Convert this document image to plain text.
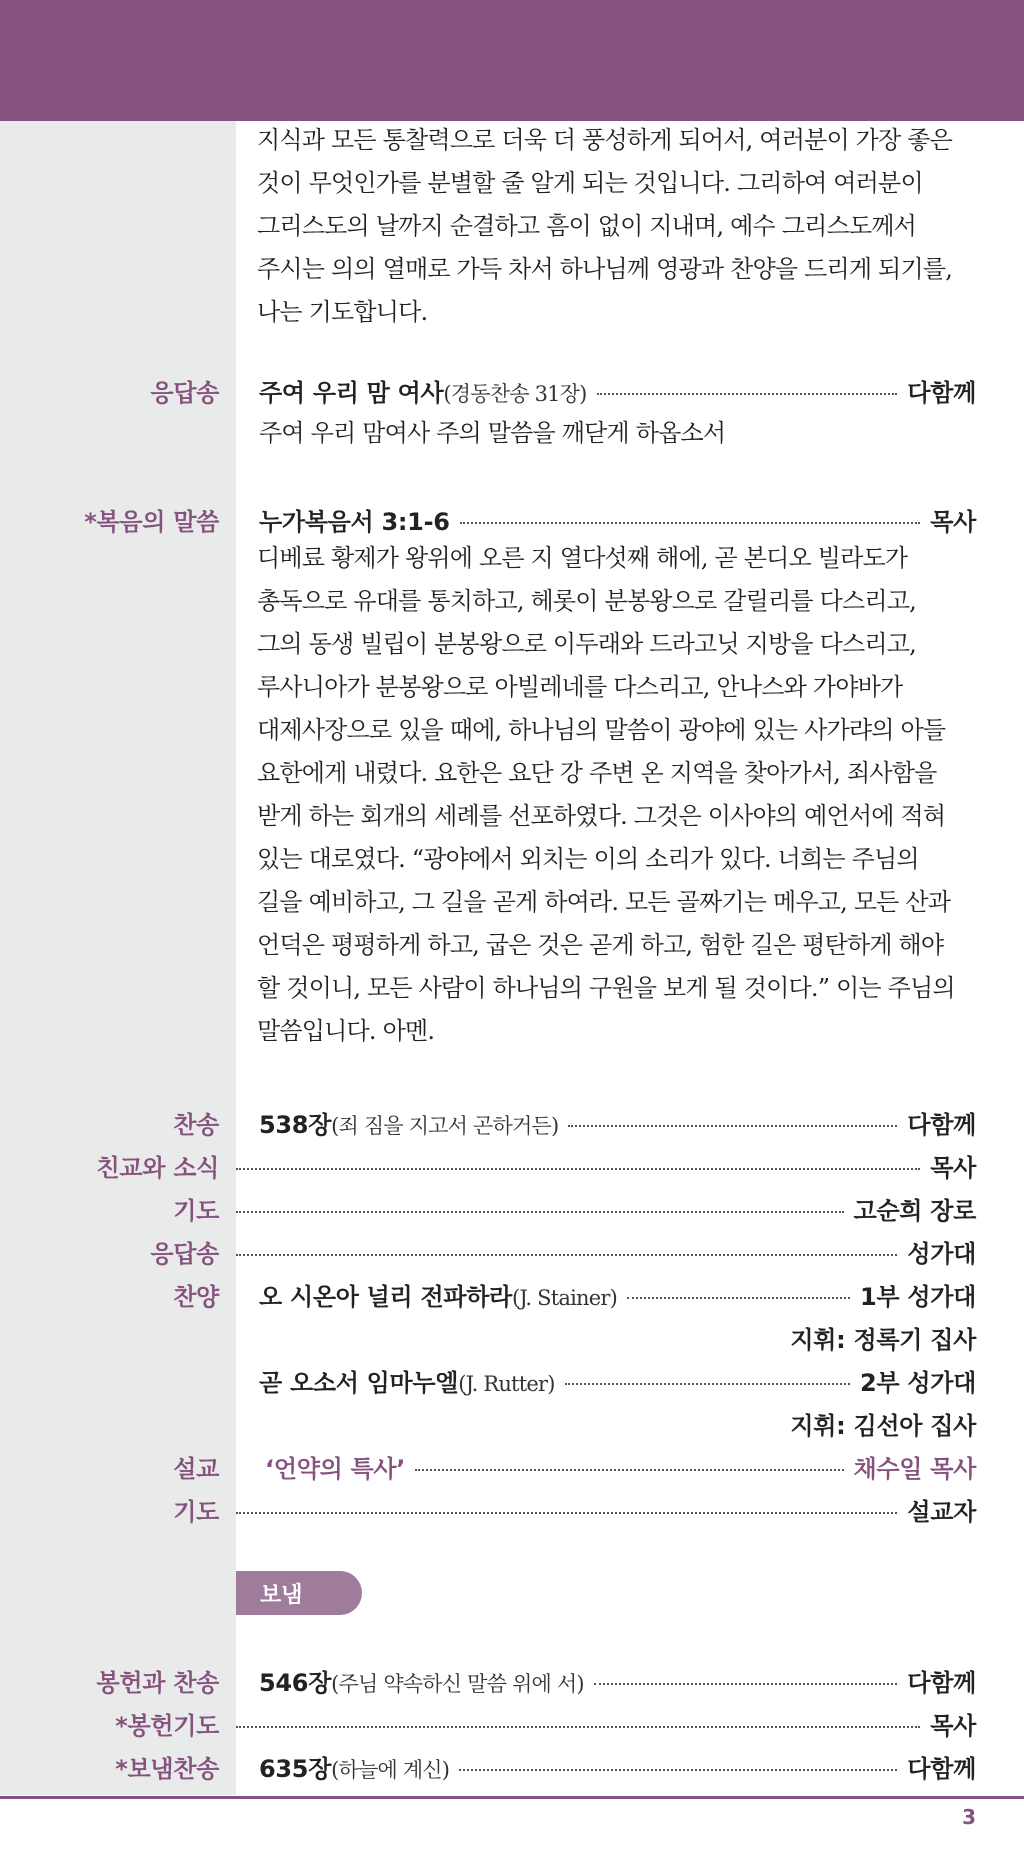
지식과 모든 통찰력으로 더욱 더 풍성하게 되어서, 여러분이 가장 좋은
것이 무엇인가를 분별할 줄 알게 되는 것입니다. 그리하여 여러분이
그리스도의 날까지 순결하고 흠이 없이 지내며, 예수 그리스도께서
주시는 의의 열매로 가득 차서 하나님께 영광과 찬양을 드리게 되기를,
나는 기도합니다.
응답송 주여 우리 맘 여사 (경동찬송 31장)	다함께
주여 우리 맘여사 주의 말씀을 깨닫게 하옵소서
*복음의 말씀 누가복음서 3:1-6	목사
디베료 황제가 왕위에 오른 지 열다섯째 해에, 곧 본디오 빌라도가
총독으로 유대를 통치하고, 헤롯이 분봉왕으로 갈릴리를 다스리고,
그의 동생 빌립이 분봉왕으로 이두래와 드라고닛 지방을 다스리고,
루사니아가 분봉왕으로 아빌레네를 다스리고, 안나스와 가야바가
대제사장으로 있을 때에, 하나님의 말씀이 광야에 있는 사가랴의 아들
요한에게 내렸다. 요한은 요단 강 주변 온 지역을 찾아가서, 죄사함을
받게 하는 회개의 세례를 선포하였다. 그것은 이사야의 예언서에 적혀
있는 대로였다. “광야에서 외치는 이의 소리가 있다. 너희는 주님의
길을 예비하고, 그 길을 곧게 하여라. 모든 골짜기는 메우고, 모든 산과
언덕은 평평하게 하고, 굽은 것은 곧게 하고, 험한 길은 평탄하게 해야
할 것이니, 모든 사람이 하나님의 구원을 보게 될 것이다.” 이는 주님의
말씀입니다. 아멘.
찬송 538장 (죄 짐을 지고서 곤하거든)	다함께
친교와 소식	목사
기도	고순희 장로
응답송	성가대
찬양 오 시온아 널리 전파하라 (J. Stainer)	1부 성가대
지휘: 정록기 집사
곧 오소서 임마누엘 (J. Rutter)	2부 성가대
지휘: 김선아 집사
설교 ‘언약의 특사’	채수일 목사
기도	설교자
보냄
봉헌과 찬송 546장 (주님 약속하신 말씀 위에 서)	다함께
*봉헌기도	목사
*보냄찬송 635장 (하늘에 계신)	다함께
3
